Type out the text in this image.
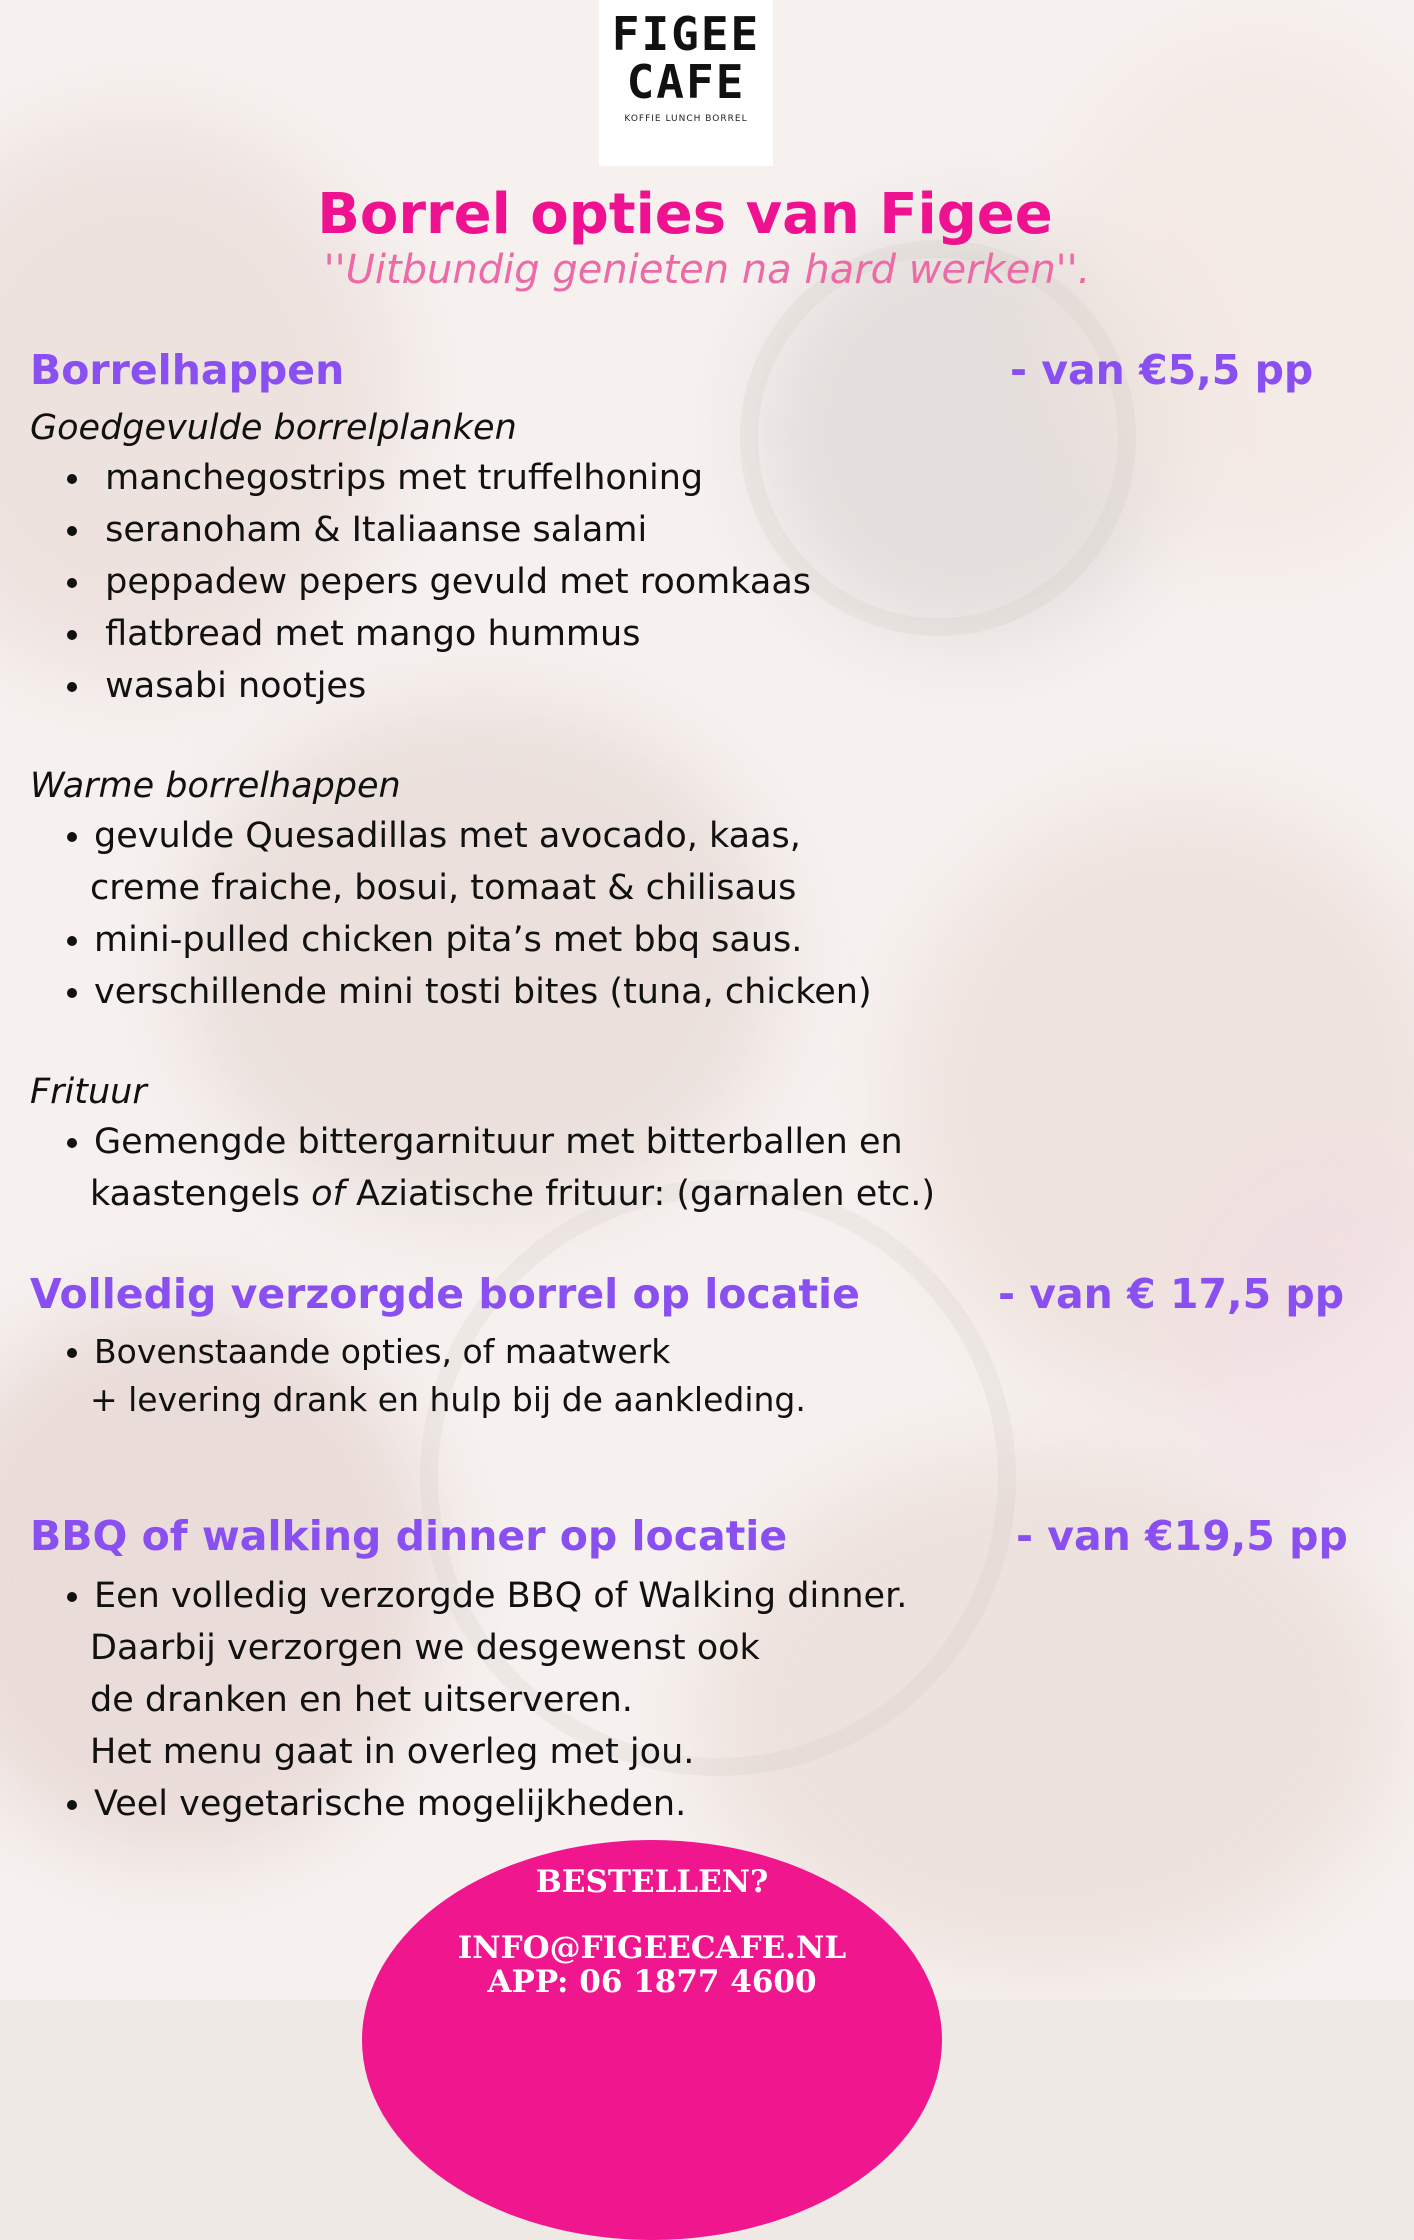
FIGEE
CAFE
KOFFIE LUNCH BORREL
Borrel opties van Figee
''Uitbundig genieten na hard werken''.
Borrelhappen	- van €5,5 pp
Goedgevulde borrelplanken
• manchegostrips met truffelhoning
• seranoham & Italiaanse salami
• peppadew pepers gevuld met roomkaas
• flatbread met mango hummus
• wasabi nootjes
Warme borrelhappen
• gevulde Quesadillas met avocado, kaas,
creme fraiche, bosui, tomaat & chilisaus
• mini-pulled chicken pita’s met bbq saus.
• verschillende mini tosti bites (tuna, chicken)
Frituur
• Gemengde bittergarnituur met bitterballen en
kaastengels of Aziatische frituur: (garnalen etc.)
Volledig verzorgde borrel op locatie	- van € 17,5 pp
• Bovenstaande opties, of maatwerk
+ levering drank en hulp bij de aankleding.
BBQ of walking dinner op locatie	- van €19,5 pp
• Een volledig verzorgde BBQ of Walking dinner.
Daarbij verzorgen we desgewenst ook
de dranken en het uitserveren.
Het menu gaat in overleg met jou.
• Veel vegetarische mogelijkheden.
BESTELLEN?
INFO@FIGEECAFE.NL
APP: 06 1877 4600
